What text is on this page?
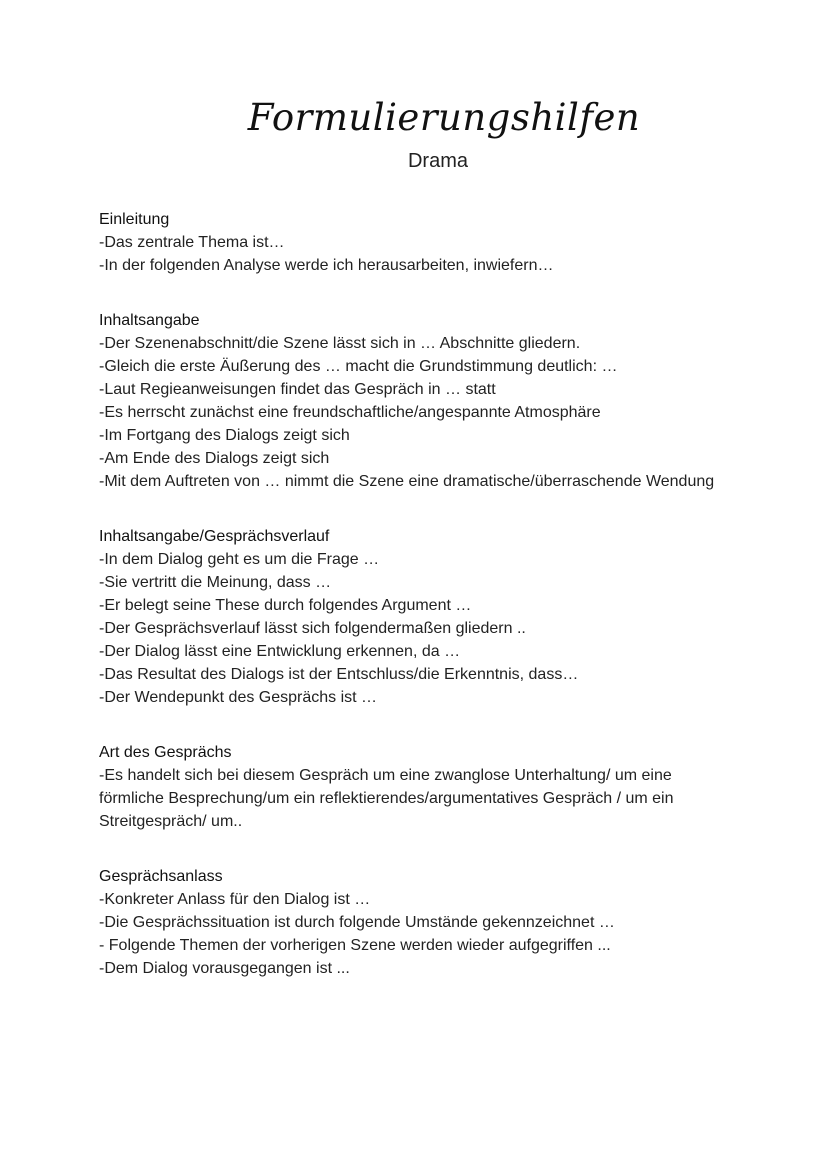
Formulierungshilfen
Drama
Einleitung
-Das zentrale Thema ist…
-In der folgenden Analyse werde ich herausarbeiten, inwiefern…
Inhaltsangabe
-Der Szenenabschnitt/die Szene lässt sich in … Abschnitte gliedern.
-Gleich die erste Äußerung des … macht die Grundstimmung deutlich: …
-Laut Regieanweisungen findet das Gespräch in … statt
-Es herrscht zunächst eine freundschaftliche/angespannte Atmosphäre
-Im Fortgang des Dialogs zeigt sich
-Am Ende des Dialogs zeigt sich
-Mit dem Auftreten von … nimmt die Szene eine dramatische/überraschende Wendung
Inhaltsangabe/Gesprächsverlauf
-In dem Dialog geht es um die Frage …
-Sie vertritt die Meinung, dass …
-Er belegt seine These durch folgendes Argument …
-Der Gesprächsverlauf lässt sich folgendermaßen gliedern ..
-Der Dialog lässt eine Entwicklung erkennen, da …
-Das Resultat des Dialogs ist der Entschluss/die Erkenntnis, dass…
-Der Wendepunkt des Gesprächs ist …
Art des Gesprächs
-Es handelt sich bei diesem Gespräch um eine zwanglose Unterhaltung/ um eine förmliche Besprechung/um ein reflektierendes/argumentatives Gespräch / um ein Streitgespräch/ um..
Gesprächsanlass
-Konkreter Anlass für den Dialog ist …
-Die Gesprächssituation ist durch folgende Umstände gekennzeichnet …
- Folgende Themen der vorherigen Szene werden wieder aufgegriffen ...
-Dem Dialog vorausgegangen ist ...
